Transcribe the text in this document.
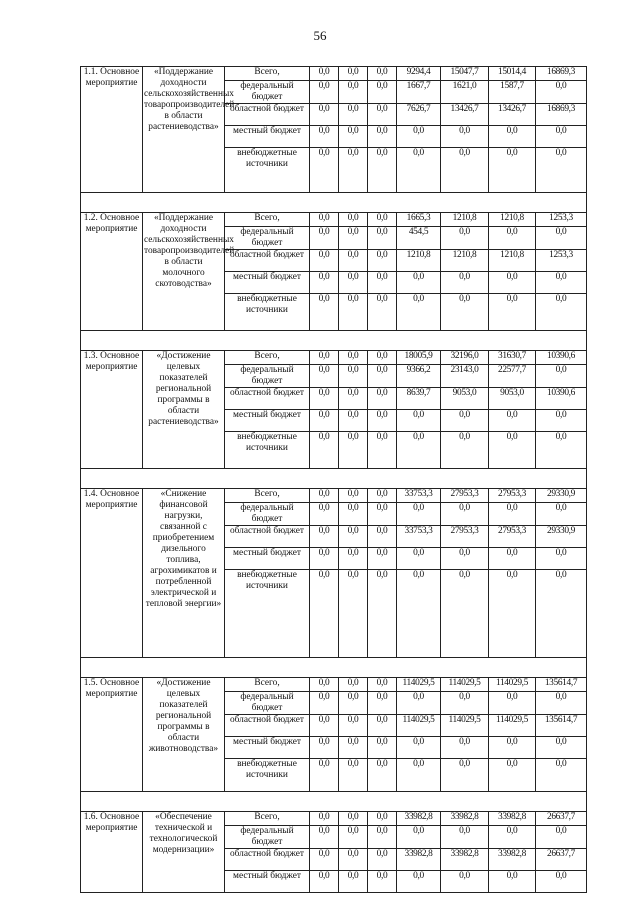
56
1.1. Основное мероприятие	«Поддержание доходности сельскохозяйственных товаропроизводителей в области растениеводства»	Всего,	0,0	0,0	0,0	9294,4	15047,7	15014,4	16869,3
		федеральный бюджет	0,0	0,0	0,0	1667,7	1621,0	1587,7	0,0
		областной бюджет	0,0	0,0	0,0	7626,7	13426,7	13426,7	16869,3
		местный бюджет	0,0	0,0	0,0	0,0	0,0	0,0	0,0
		внебюджетные источники	0,0	0,0	0,0	0,0	0,0	0,0	0,0

1.2. Основное мероприятие	«Поддержание доходности сельскохозяйственных товаропроизводителей в области молочного скотоводства»	Всего,	0,0	0,0	0,0	1665,3	1210,8	1210,8	1253,3
		федеральный бюджет	0,0	0,0	0,0	454,5	0,0	0,0	0,0
		областной бюджет	0,0	0,0	0,0	1210,8	1210,8	1210,8	1253,3
		местный бюджет	0,0	0,0	0,0	0,0	0,0	0,0	0,0
		внебюджетные источники	0,0	0,0	0,0	0,0	0,0	0,0	0,0

1.3. Основное мероприятие	«Достижение целевых показателей региональной программы в области растениеводства»	Всего,	0,0	0,0	0,0	18005,9	32196,0	31630,7	10390,6
		федеральный бюджет	0,0	0,0	0,0	9366,2	23143,0	22577,7	0,0
		областной бюджет	0,0	0,0	0,0	8639,7	9053,0	9053,0	10390,6
		местный бюджет	0,0	0,0	0,0	0,0	0,0	0,0	0,0
		внебюджетные источники	0,0	0,0	0,0	0,0	0,0	0,0	0,0

1.4. Основное мероприятие	«Снижение финансовой нагрузки, связанной с приобретением дизельного топлива, агрохимикатов и потребленной электрической и тепловой энергии»	Всего,	0,0	0,0	0,0	33753,3	27953,3	27953,3	29330,9
		федеральный бюджет	0,0	0,0	0,0	0,0	0,0	0,0	0,0
		областной бюджет	0,0	0,0	0,0	33753,3	27953,3	27953,3	29330,9
		местный бюджет	0,0	0,0	0,0	0,0	0,0	0,0	0,0
		внебюджетные источники	0,0	0,0	0,0	0,0	0,0	0,0	0,0

1.5. Основное мероприятие	«Достижение целевых показателей региональной программы в области животноводства»	Всего,	0,0	0,0	0,0	114029,5	114029,5	114029,5	135614,7
		федеральный бюджет	0,0	0,0	0,0	0,0	0,0	0,0	0,0
		областной бюджет	0,0	0,0	0,0	114029,5	114029,5	114029,5	135614,7
		местный бюджет	0,0	0,0	0,0	0,0	0,0	0,0	0,0
		внебюджетные источники	0,0	0,0	0,0	0,0	0,0	0,0	0,0

1.6. Основное мероприятие	«Обеспечение технической и технологической модернизации»	Всего,	0,0	0,0	0,0	33982,8	33982,8	33982,8	26637,7
		федеральный бюджет	0,0	0,0	0,0	0,0	0,0	0,0	0,0
		областной бюджет	0,0	0,0	0,0	33982,8	33982,8	33982,8	26637,7
		местный бюджет	0,0	0,0	0,0	0,0	0,0	0,0	0,0
